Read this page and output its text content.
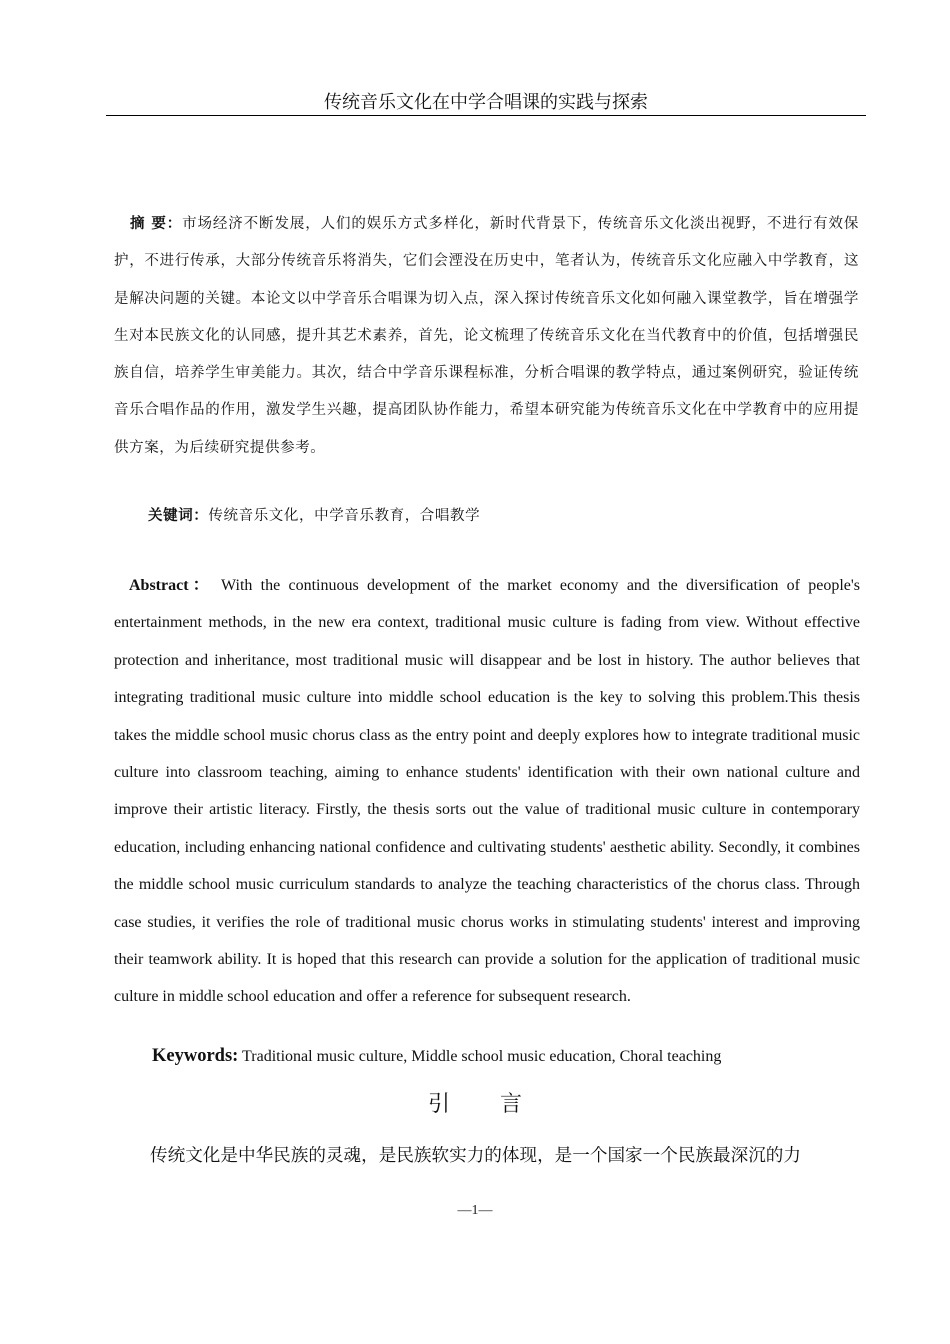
传统音乐文化在中学合唱课的实践与探索
摘 要：市场经济不断发展，人们的娱乐方式多样化，新时代背景下，传统音乐文化淡出视野，不进行有效保护，不进行传承，大部分传统音乐将消失，它们会湮没在历史中，笔者认为，传统音乐文化应融入中学教育，这是解决问题的关键。本论文以中学音乐合唱课为切入点，深入探讨传统音乐文化如何融入课堂教学，旨在增强学生对本民族文化的认同感，提升其艺术素养，首先，论文梳理了传统音乐文化在当代教育中的价值，包括增强民族自信，培养学生审美能力。其次，结合中学音乐课程标准，分析合唱课的教学特点，通过案例研究，验证传统音乐合唱作品的作用，激发学生兴趣，提高团队协作能力，希望本研究能为传统音乐文化在中学教育中的应用提供方案，为后续研究提供参考。
关键词：传统音乐文化，中学音乐教育，合唱教学
Abstract： With the continuous development of the market economy and the diversification of people's entertainment methods, in the new era context, traditional music culture is fading from view. Without effective protection and inheritance, most traditional music will disappear and be lost in history. The author believes that integrating traditional music culture into middle school education is the key to solving this problem.This thesis takes the middle school music chorus class as the entry point and deeply explores how to integrate traditional music culture into classroom teaching, aiming to enhance students' identification with their own national culture and improve their artistic literacy. Firstly, the thesis sorts out the value of traditional music culture in contemporary education, including enhancing national confidence and cultivating students' aesthetic ability. Secondly, it combines the middle school music curriculum standards to analyze the teaching characteristics of the chorus class. Through case studies, it verifies the role of traditional music chorus works in stimulating students' interest and improving their teamwork ability. It is hoped that this research can provide a solution for the application of traditional music culture in middle school education and offer a reference for subsequent research.
Keywords: Traditional music culture, Middle school music education, Choral teaching
引 言
传统文化是中华民族的灵魂，是民族软实力的体现，是一个国家一个民族最深沉的力
—1—
